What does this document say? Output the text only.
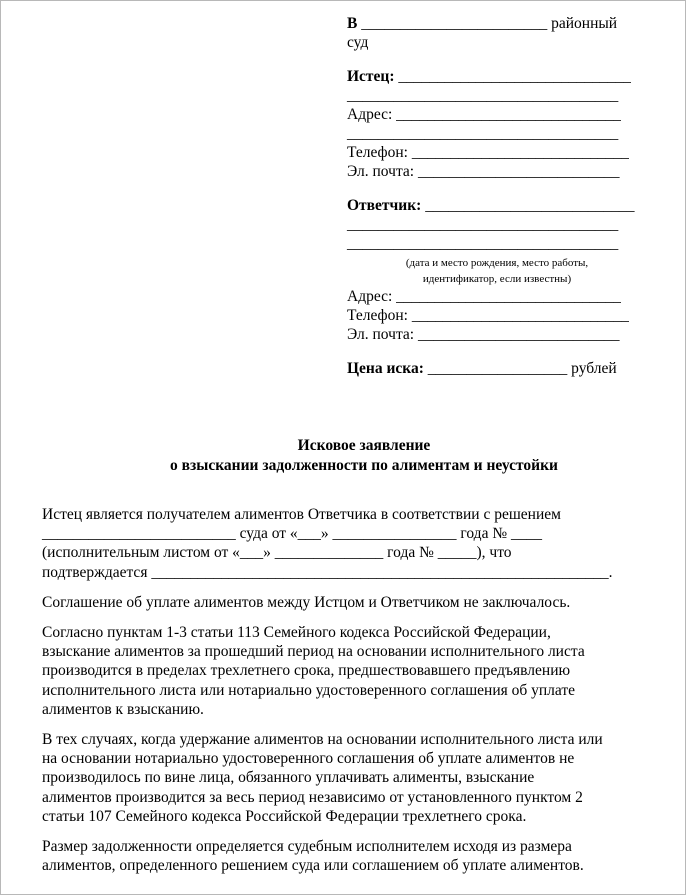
В ________________________ районный
суд
Истец: ______________________________
___________________________________
Адрес: _____________________________
___________________________________
Телефон: ____________________________
Эл. почта: __________________________
Ответчик: ___________________________
___________________________________
___________________________________
(дата и место рождения, место работы,
идентификатор, если известны)
Адрес: _____________________________
Телефон: ____________________________
Эл. почта: __________________________
Цена иска: __________________ рублей
Исковое заявление
о взыскании задолженности по алиментам и неустойки

Истец является получателем алиментов Ответчика в соответствии с решением
_________________________ суда от «___» ________________ года № ____
(исполнительным листом от «___» ______________ года № _____), что
подтверждается ___________________________________________________________.

Соглашение об уплате алиментов между Истцом и Ответчиком не заключалось.

Согласно пунктам 1-3 статьи 113 Семейного кодекса Российской Федерации,
взыскание алиментов за прошедший период на основании исполнительного листа
производится в пределах трехлетнего срока, предшествовавшего предъявлению
исполнительного листа или нотариально удостоверенного соглашения об уплате
алиментов к взысканию.

В тех случаях, когда удержание алиментов на основании исполнительного листа или
на основании нотариально удостоверенного соглашения об уплате алиментов не
производилось по вине лица, обязанного уплачивать алименты, взыскание
алиментов производится за весь период независимо от установленного пунктом 2
статьи 107 Семейного кодекса Российской Федерации трехлетнего срока.

Размер задолженности определяется судебным исполнителем исходя из размера
алиментов, определенного решением суда или соглашением об уплате алиментов.
